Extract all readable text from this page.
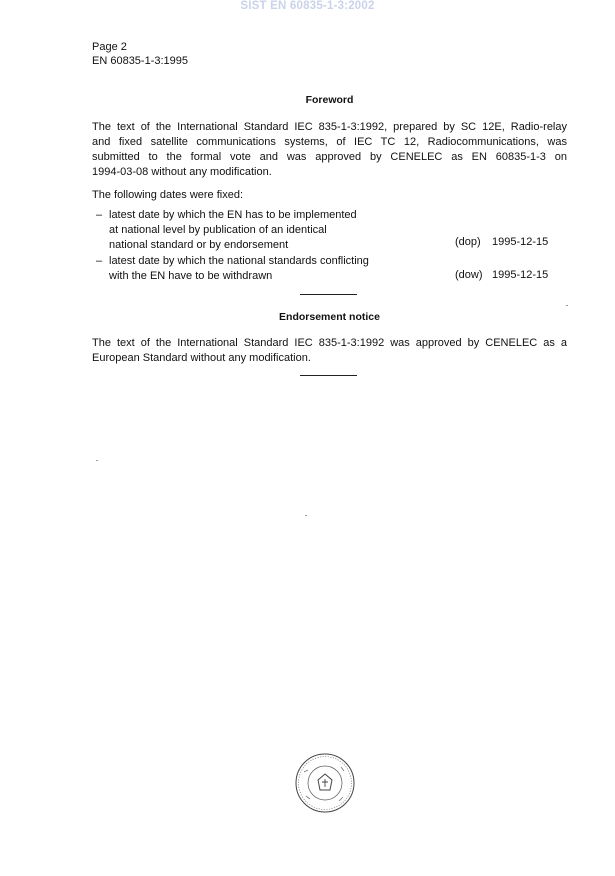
SIST EN 60835-1-3:2002
Page 2
EN 60835-1-3:1995
Foreword
The text of the International Standard IEC 835-1-3:1992, prepared by SC 12E, Radio-relay
and fixed satellite communications systems, of IEC TC 12, Radiocommunications, was
submitted to the formal vote and was approved by CENELEC as EN 60835-1-3 on
1994-03-08 without any modification.
The following dates were fixed:
– latest date by which the EN has to be implemented
at national level by publication of an identical
national standard or by endorsement	(dop) 1995-12-15
– latest date by which the national standards conflicting
with the EN have to be withdrawn	(dow) 1995-12-15
Endorsement notice
The text of the International Standard IEC 835-1-3:1992 was approved by CENELEC as a
European Standard without any modification.
